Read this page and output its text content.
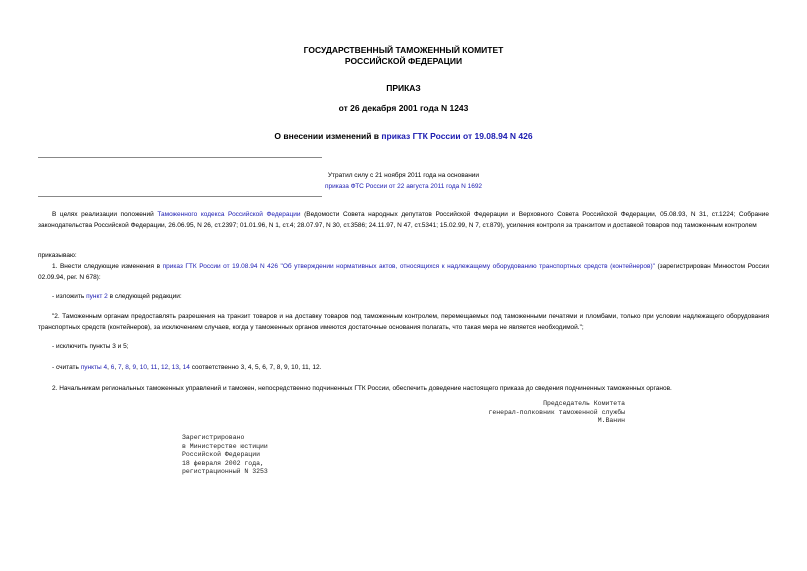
ГОСУДАРСТВЕННЫЙ ТАМОЖЕННЫЙ КОМИТЕТ
РОССИЙСКОЙ ФЕДЕРАЦИИ
ПРИКАЗ
от 26 декабря 2001 года N 1243
О внесении изменений в приказ ГТК России от 19.08.94 N 426
Утратил силу с 21 ноября 2011 года на основании
приказа ФТС России от 22 августа 2011 года N 1692
В целях реализации положений Таможенного кодекса Российской Федерации (Ведомости Совета народных депутатов Российской Федерации и Верховного Совета Российской Федерации, 05.08.93, N 31, ст.1224; Собрание законодательства Российской Федерации, 26.06.95, N 26, ст.2397; 01.01.96, N 1, ст.4; 28.07.97, N 30, ст.3586; 24.11.97, N 47, ст.5341; 15.02.99, N 7, ст.879), усиления контроля за транзитом и доставкой товаров под таможенным контролем
приказываю:
1. Внести следующие изменения в приказ ГТК России от 19.08.94 N 426 "Об утверждении нормативных актов, относящихся к надлежащему оборудованию транспортных средств (контейнеров)" (зарегистрирован Минюстом России 02.09.94, рег. N 678):
- изложить пункт 2 в следующей редакции:
"2. Таможенным органам предоставлять разрешения на транзит товаров и на доставку товаров под таможенным контролем, перемещаемых под таможенными печатями и пломбами, только при условии надлежащего оборудования транспортных средств (контейнеров), за исключением случаев, когда у таможенных органов имеются достаточные основания полагать, что такая мера не является необходимой.";
- исключить пункты 3 и 5;
- считать пункты 4, 6, 7, 8, 9, 10, 11, 12, 13, 14 соответственно 3, 4, 5, 6, 7, 8, 9, 10, 11, 12.
2. Начальникам региональных таможенных управлений и таможен, непосредственно подчиненных ГТК России, обеспечить доведение настоящего приказа до сведения подчиненных таможенных органов.
Председатель Комитета
генерал-полковник таможенной службы
М.Ванин
Зарегистрировано
в Министерстве юстиции
Российской Федерации
18 февраля 2002 года,
регистрационный N 3253
